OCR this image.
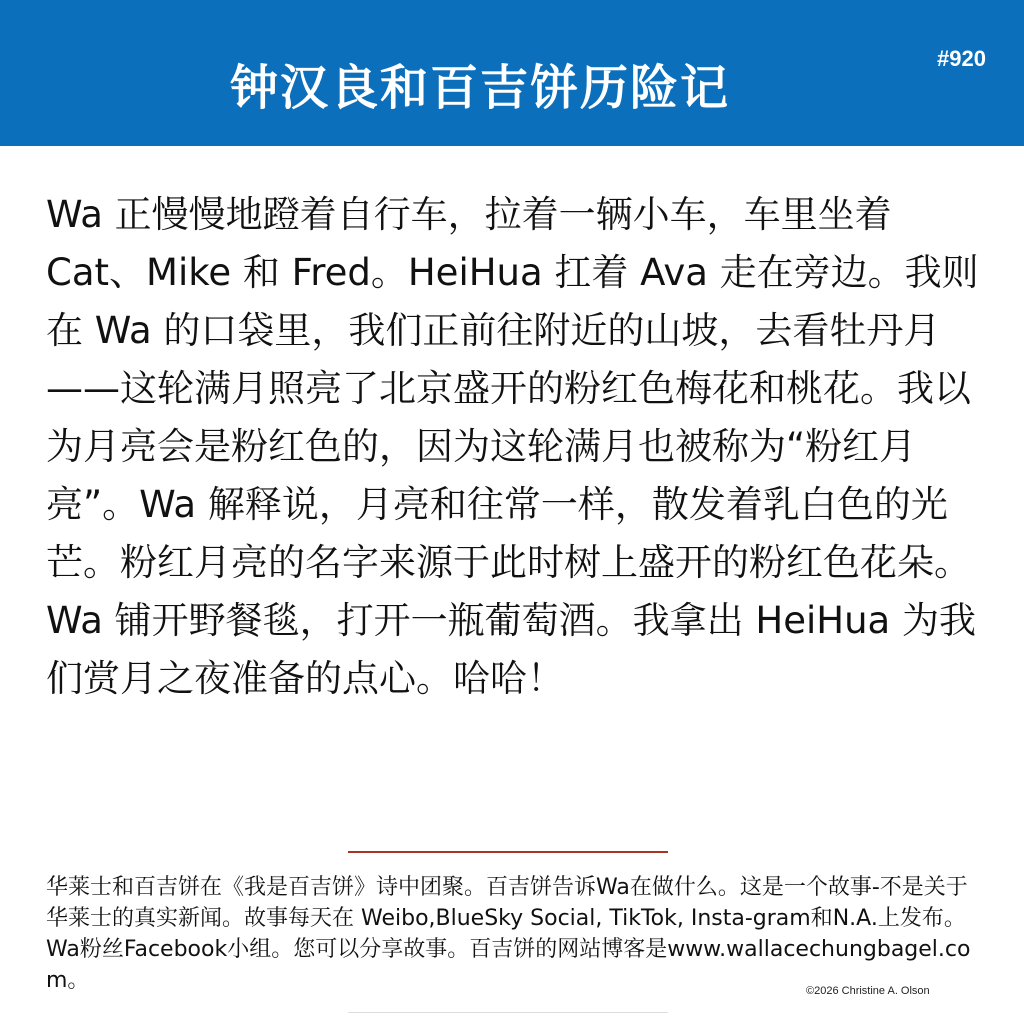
钟汉良和百吉饼历险记
#920
Wa 正慢慢地蹬着自行车，拉着一辆小车，车里坐着 Cat、Mike 和 Fred。HeiHua 扛着 Ava 走在旁边。我则在 Wa 的口袋里，我们正前往附近的山坡，去看牡丹月——这轮满月照亮了北京盛开的粉红色梅花和桃花。我以为月亮会是粉红色的，因为这轮满月也被称为“粉红月亮”。Wa 解释说，月亮和往常一样，散发着乳白色的光芒。粉红月亮的名字来源于此时树上盛开的粉红色花朵。Wa 铺开野餐毯，打开一瓶葡萄酒。我拿出 HeiHua 为我们赏月之夜准备的点心。哈哈！
华莱士和百吉饼在《我是百吉饼》诗中团聚。百吉饼告诉Wa在做什么。这是一个故事-不是关于华莱士的真实新闻。故事每天在 Weibo,BlueSky Social, TikTok, Insta-gram和N.A.上发布。Wa粉丝Facebook小组。您可以分享故事。百吉饼的网站博客是www.wallacechungbagel.com。	©2026 Christine A. Olson
